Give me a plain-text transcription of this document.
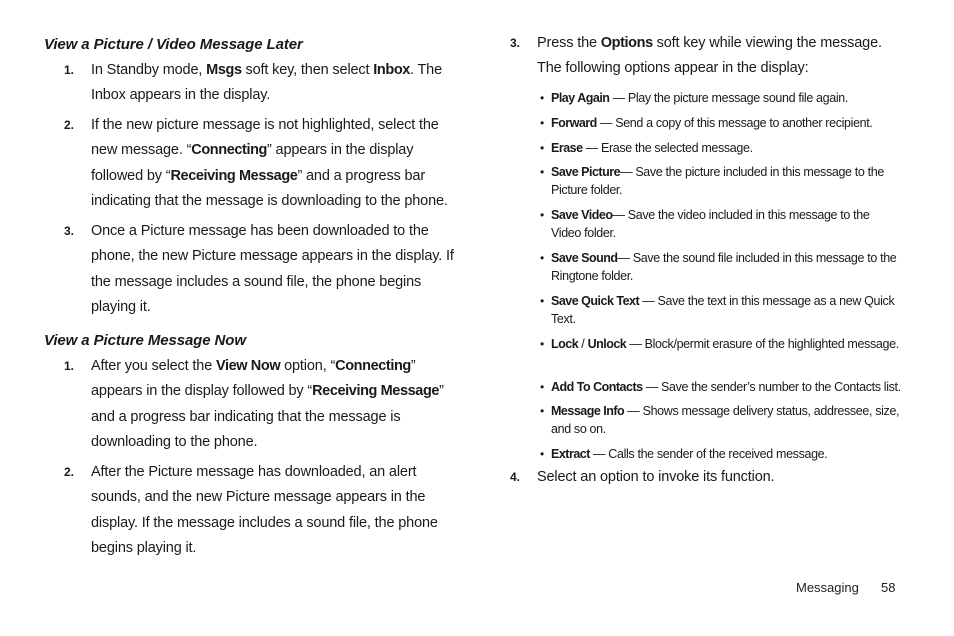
View a Picture / Video Message Later
1. In Standby mode, Msgs soft key, then select Inbox. The Inbox appears in the display.
2. If the new picture message is not highlighted, select the new message. “Connecting” appears in the display followed by “Receiving Message” and a progress bar indicating that the message is downloading to the phone.
3. Once a Picture message has been downloaded to the phone, the new Picture message appears in the display. If the message includes a sound file, the phone begins playing it.
View a Picture Message Now
1. After you select the View Now option, “Connecting” appears in the display followed by “Receiving Message” and a progress bar indicating that the message is downloading to the phone.
2. After the Picture message has downloaded, an alert sounds, and the new Picture message appears in the display. If the message includes a sound file, the phone begins playing it.
3. Press the Options soft key while viewing the message. The following options appear in the display:
• Play Again — Play the picture message sound file again.
• Forward — Send a copy of this message to another recipient.
• Erase — Erase the selected message.
• Save Picture— Save the picture included in this message to the Picture folder.
• Save Video— Save the video included in this message to the Video folder.
• Save Sound— Save the sound file included in this message to the Ringtone folder.
• Save Quick Text — Save the text in this message as a new Quick Text.
• Lock / Unlock — Block/permit erasure of the highlighted message.
• Add To Contacts — Save the sender’s number to the Contacts list.
• Message Info — Shows message delivery status, addressee, size, and so on.
• Extract — Calls the sender of the received message.
4. Select an option to invoke its function.
Messaging 58
